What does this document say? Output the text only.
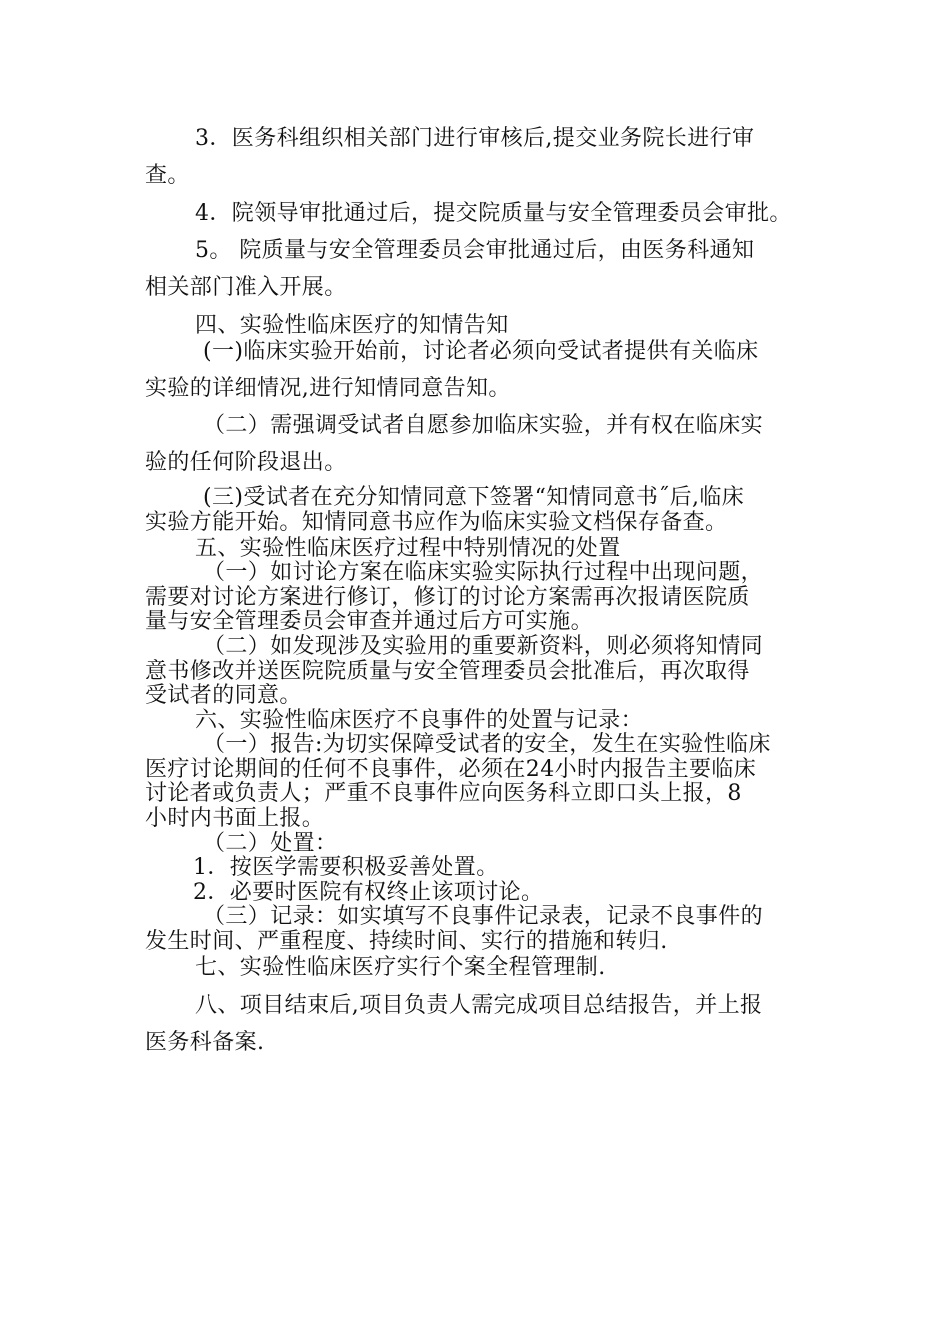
3．医务科组织相关部门进行审核后,提交业务院长进行审
查。
4．院领导审批通过后，提交院质量与安全管理委员会审批。
5。 院质量与安全管理委员会审批通过后，由医务科通知
相关部门准入开展。
四、实验性临床医疗的知情告知
(一)临床实验开始前，讨论者必须向受试者提供有关临床
实验的详细情况,进行知情同意告知。
（二）需强调受试者自愿参加临床实验，并有权在临床实
验的任何阶段退出。
(三)受试者在充分知情同意下签署“知情同意书˝后,临床
实验方能开始。知情同意书应作为临床实验文档保存备查。
五、实验性临床医疗过程中特别情况的处置
（一）如讨论方案在临床实验实际执行过程中出现问题，
需要对讨论方案进行修订，修订的讨论方案需再次报请医院质
量与安全管理委员会审查并通过后方可实施。
（二）如发现涉及实验用的重要新资料，则必须将知情同
意书修改并送医院院质量与安全管理委员会批准后，再次取得
受试者的同意。
六、实验性临床医疗不良事件的处置与记录：
（一）报告:为切实保障受试者的安全，发生在实验性临床
医疗讨论期间的任何不良事件，必须在24小时内报告主要临床
讨论者或负责人；严重不良事件应向医务科立即口头上报，8
小时内书面上报。
（二）处置：
1．按医学需要积极妥善处置。
2．必要时医院有权终止该项讨论。
（三）记录：如实填写不良事件记录表，记录不良事件的
发生时间、严重程度、持续时间、实行的措施和转归.
七、实验性临床医疗实行个案全程管理制.
八、项目结束后,项目负责人需完成项目总结报告，并上报
医务科备案.
